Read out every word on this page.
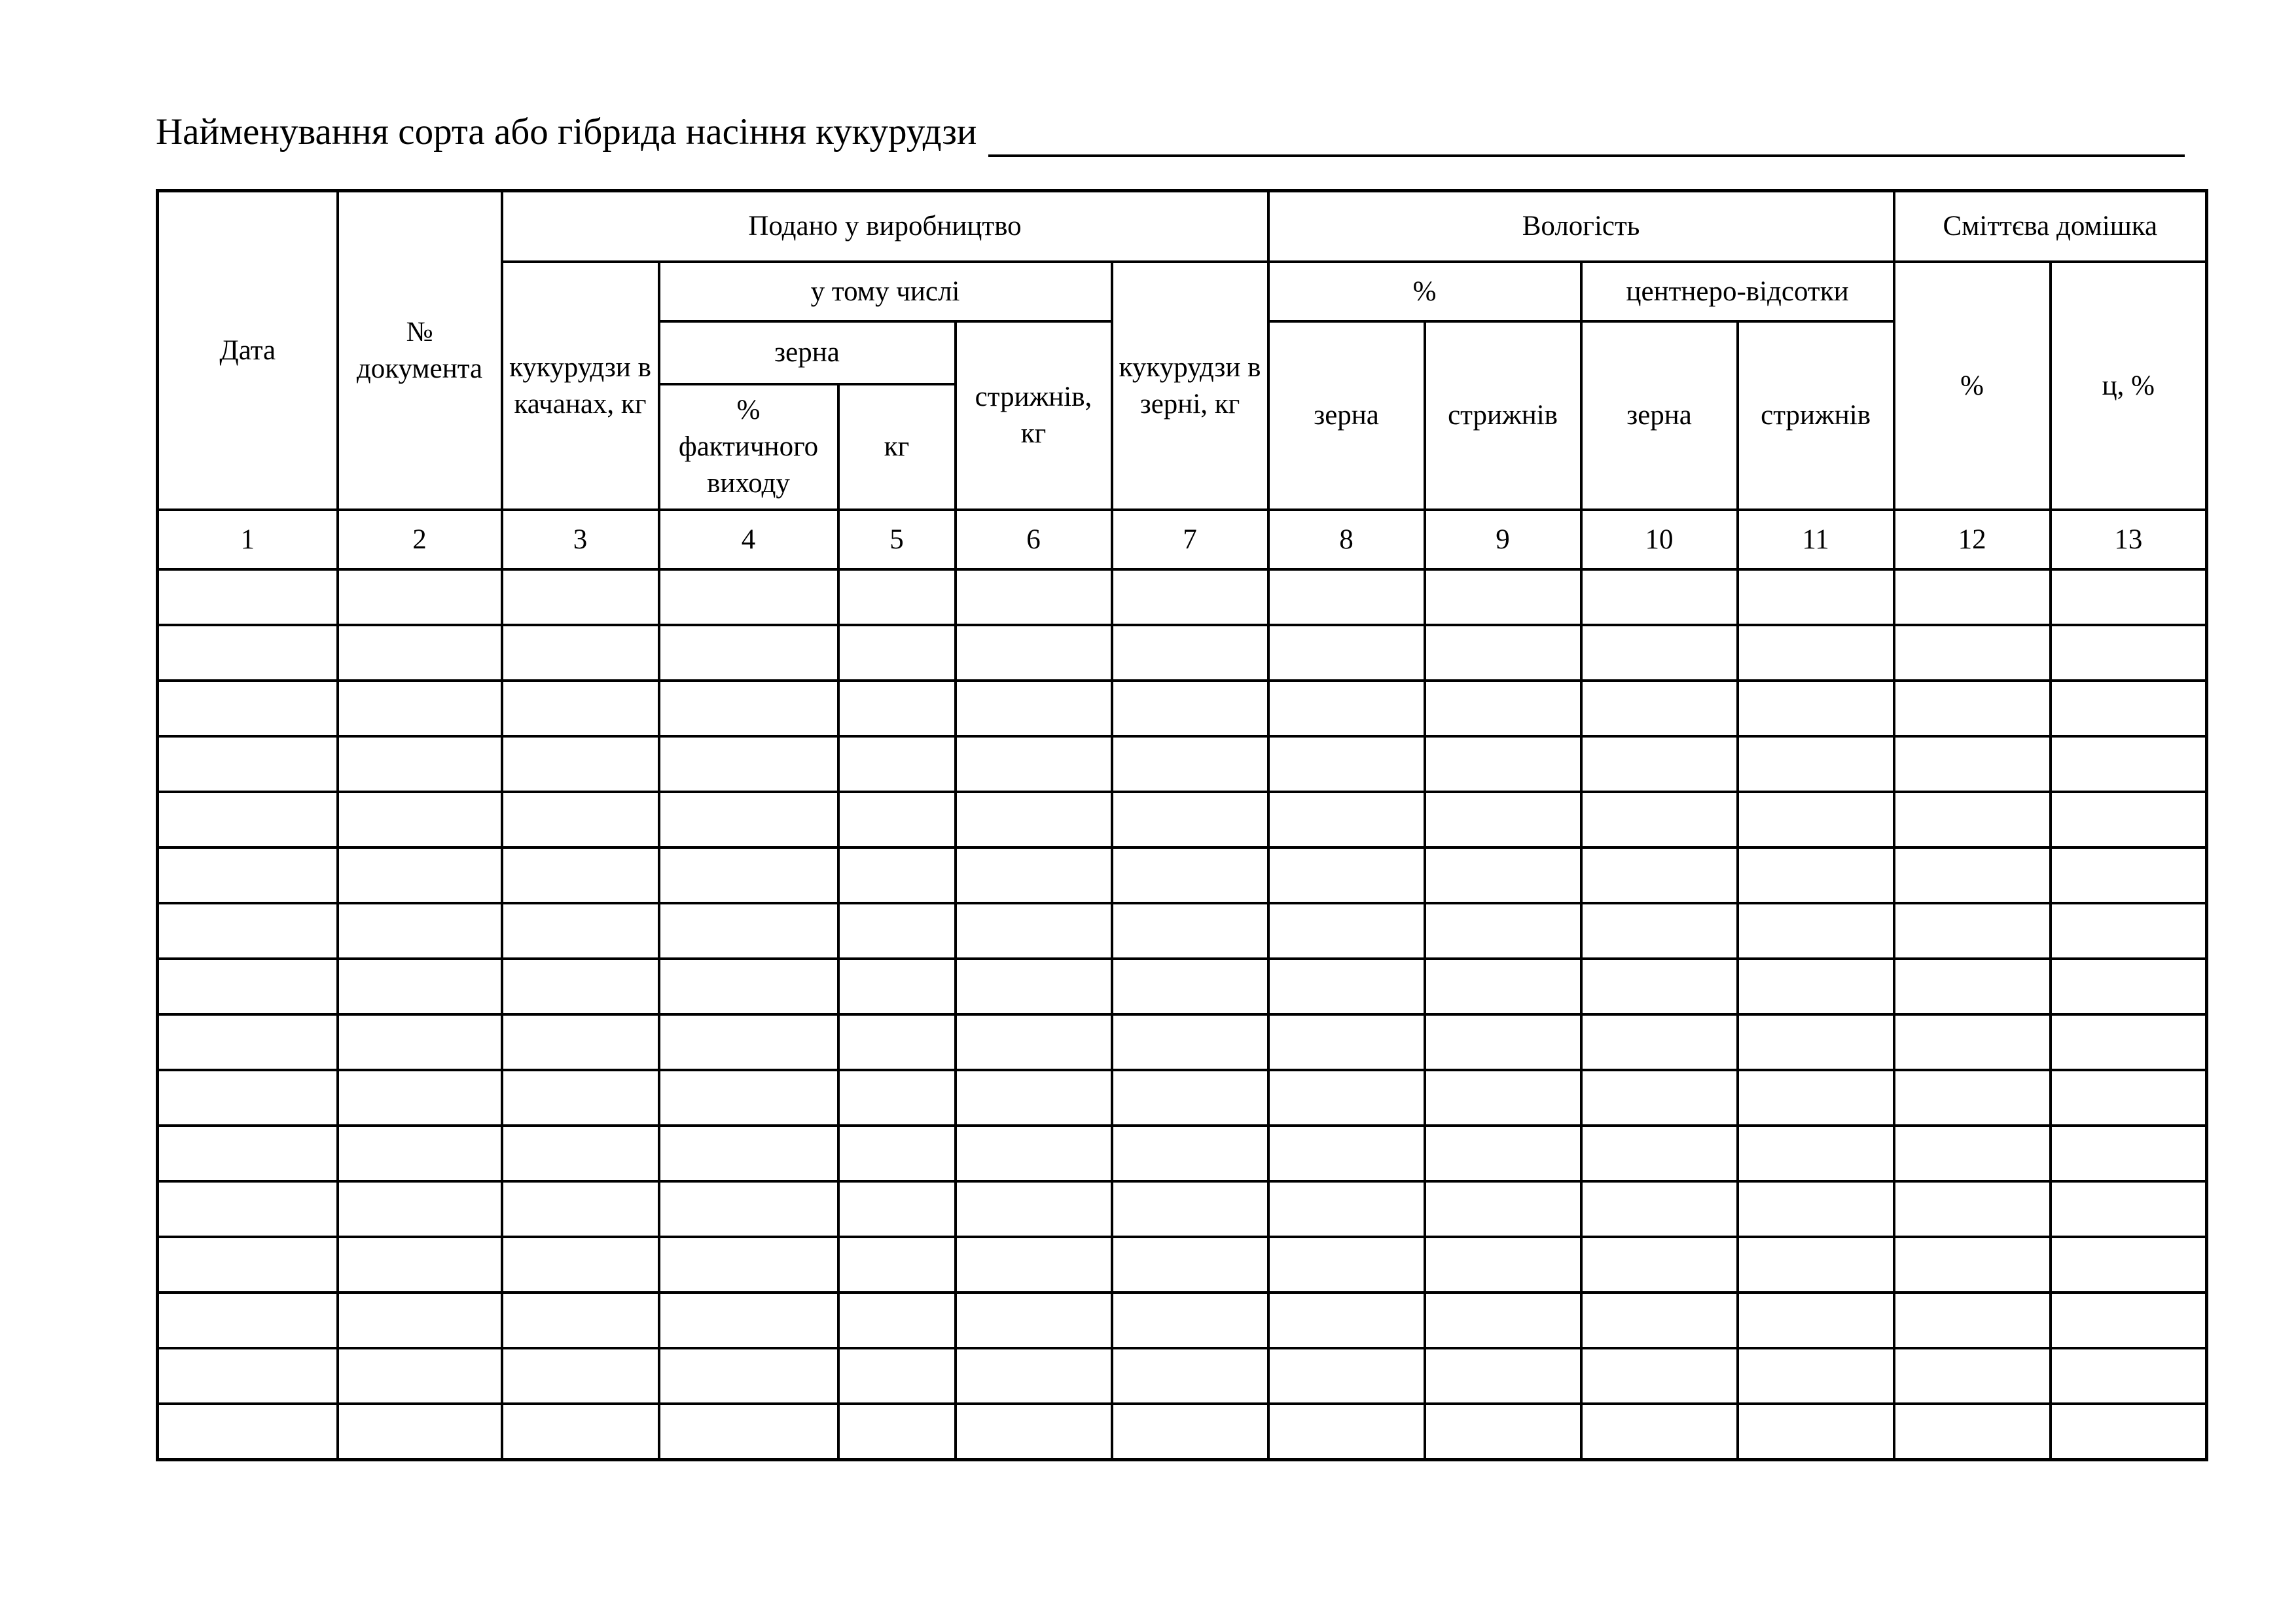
Найменування сорта або гібрида насіння кукурудзи
Дата	№ документа	Подано у виробництво					Вологість				Сміттєва домішка	
		кукурудзи в качанах, кг	у тому числі			кукурудзи в зерні, кг	%		центнеро-відсотки		%	ц, %
			зерна		стрижнів, кг		зерна	стрижнів	зерна	стрижнів		
			% фактичного виходу	кг								
1	2	3	4	5	6	7	8	9	10	11	12	13
